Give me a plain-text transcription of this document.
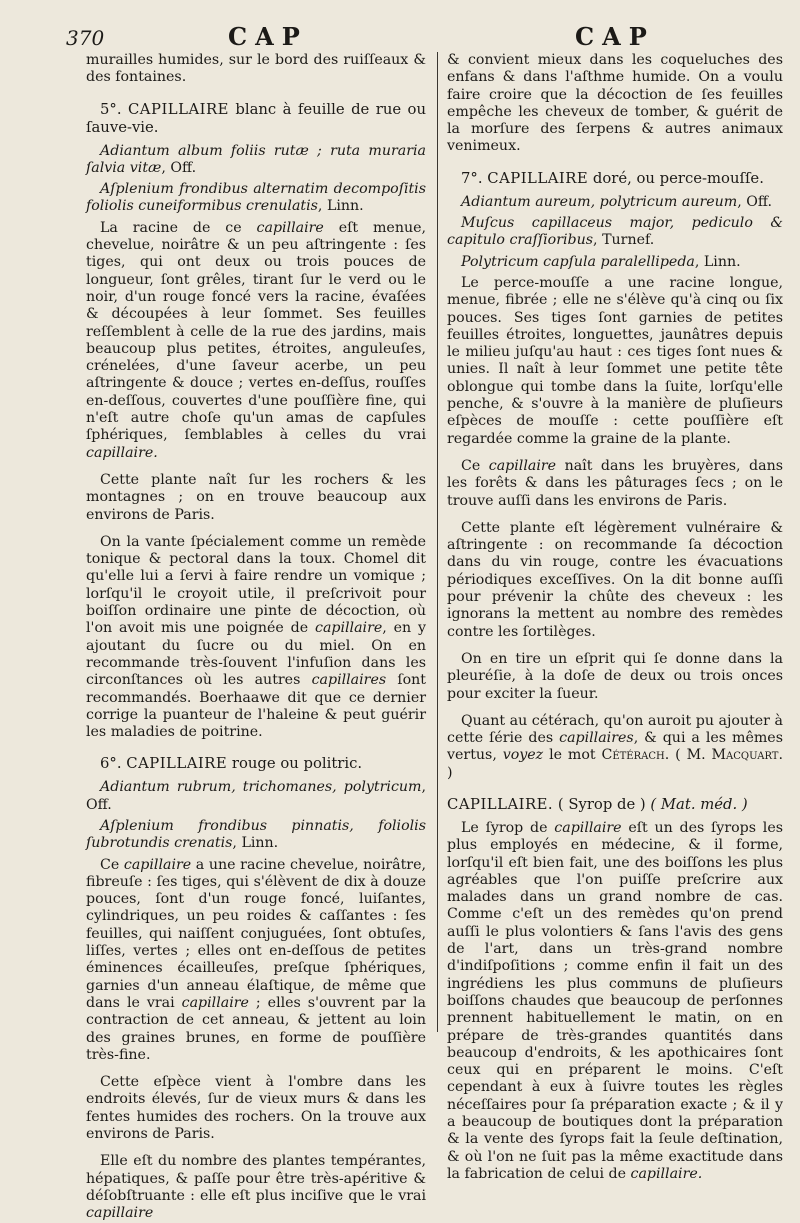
370	CAP	CAP

murailles humides, sur le bord des ruiſſeaux & des fontaines.

5°. CAPILLAIRE blanc à feuille de rue ou ſauve-vie.

Adiantum album foliis rutæ ; ruta muraria ſalvia vitæ, Off.

Aſplenium frondibus alternatim decompoſitis foliolis cuneiformibus crenulatis, Linn.

La racine de ce capillaire eſt menue, chevelue, noirâtre & un peu aſtringente : ſes tiges, qui ont deux ou trois pouces de longueur, ſont grêles, tirant ſur le verd ou le noir, d'un rouge foncé vers la racine, évaſées & découpées à leur ſommet. Ses feuilles reſſemblent à celle de la rue des jardins, mais beaucoup plus petites, étroites, anguleuſes, crénelées, d'une ſaveur acerbe, un peu aſtringente & douce ; vertes en-deſſus, rouſſes en-deſſous, couvertes d'une pouſſière fine, qui n'eſt autre choſe qu'un amas de capſules ſphériques, ſemblables à celles du vrai capillaire.

Cette plante naît ſur les rochers & les montagnes ; on en trouve beaucoup aux environs de Paris.

On la vante ſpécialement comme un remède tonique & pectoral dans la toux. Chomel dit qu'elle lui a ſervi à faire rendre un vomique ; lorſqu'il le croyoit utile, il preſcrivoit pour boiſſon ordinaire une pinte de décoction, où l'on avoit mis une poignée de capillaire, en y ajoutant du ſucre ou du miel. On en recommande très-ſouvent l'infuſion dans les circonſtances où les autres capillaires ſont recommandés. Boerhaawe dit que ce dernier corrige la puanteur de l'haleine & peut guérir les maladies de poitrine.

6°. CAPILLAIRE rouge ou politric.

Adiantum rubrum, trichomanes, polytricum, Off.

Aſplenium frondibus pinnatis, foliolis ſubrotundis crenatis, Linn.

Ce capillaire a une racine chevelue, noirâtre, fibreuſe : ſes tiges, qui s'élèvent de dix à douze pouces, ſont d'un rouge foncé, luiſantes, cylindriques, un peu roides & caſſantes : ſes feuilles, qui naiſſent conjuguées, ſont obtuſes, liſſes, vertes ; elles ont en-deſſous de petites éminences écailleuſes, preſque ſphériques, garnies d'un anneau élaſtique, de même que dans le vrai capillaire ; elles s'ouvrent par la contraction de cet anneau, & jettent au loin des graines brunes, en forme de pouſſière très-fine.

Cette eſpèce vient à l'ombre dans les endroits élevés, ſur de vieux murs & dans les fentes humides des rochers. On la trouve aux environs de Paris.

Elle eſt du nombre des plantes tempérantes, hépatiques, & paſſe pour être très-apéritive & déſobſtruante : elle eſt plus inciſive que le vrai capillaire

& convient mieux dans les coqueluches des enfans & dans l'aſthme humide. On a voulu faire croire que la décoction de ſes feuilles empêche les cheveux de tomber, & guérit de la morſure des ſerpens & autres animaux venimeux.

7°. CAPILLAIRE doré, ou perce-mouſſe.

Adiantum aureum, polytricum aureum, Off.

Muſcus capillaceus major, pediculo & capitulo craſſioribus, Turnef.

Polytricum capſula paralellipeda, Linn.

Le perce-mouſſe a une racine longue, menue, fibrée ; elle ne s'élève qu'à cinq ou ſix pouces. Ses tiges ſont garnies de petites feuilles étroites, longuettes, jaunâtres depuis le milieu juſqu'au haut : ces tiges ſont nues & unies. Il naît à leur ſommet une petite tête oblongue qui tombe dans la ſuite, lorſqu'elle penche, & s'ouvre à la manière de pluſieurs eſpèces de mouſſe : cette pouſſière eſt regardée comme la graine de la plante.

Ce capillaire naît dans les bruyères, dans les forêts & dans les pâturages ſecs ; on le trouve auſſi dans les environs de Paris.

Cette plante eſt légèrement vulnéraire & aſtringente : on recommande ſa décoction dans du vin rouge, contre les évacuations périodiques exceſſives. On la dit bonne auſſi pour prévenir la chûte des cheveux : les ignorans la mettent au nombre des remèdes contre les ſortilèges.

On en tire un eſprit qui ſe donne dans la pleuréſie, à la doſe de deux ou trois onces pour exciter la ſueur.

Quant au cétérach, qu'on auroit pu ajouter à cette ſérie des capillaires, & qui a les mêmes vertus, voyez le mot Cétérach. ( M. Macquart. )

CAPILLAIRE. ( Syrop de ) ( Mat. méd. )

Le ſyrop de capillaire eſt un des ſyrops les plus employés en médecine, & il forme, lorſqu'il eſt bien fait, une des boiſſons les plus agréables que l'on puiſſe preſcrire aux malades dans un grand nombre de cas. Comme c'eſt un des remèdes qu'on prend auſſi le plus volontiers & ſans l'avis des gens de l'art, dans un très-grand nombre d'indiſpoſitions ; comme enfin il fait un des ingrédiens les plus communs de pluſieurs boiſſons chaudes que beaucoup de perſonnes prennent habituellement le matin, on en prépare de très-grandes quantités dans beaucoup d'endroits, & les apothicaires ſont ceux qui en préparent le moins. C'eſt cependant à eux à ſuivre toutes les règles néceſſaires pour ſa préparation exacte ; & il y a beaucoup de boutiques dont la préparation & la vente des ſyrops fait la ſeule deſtination, & où l'on ne ſuit pas la même exactitude dans la fabrication de celui de capillaire.
